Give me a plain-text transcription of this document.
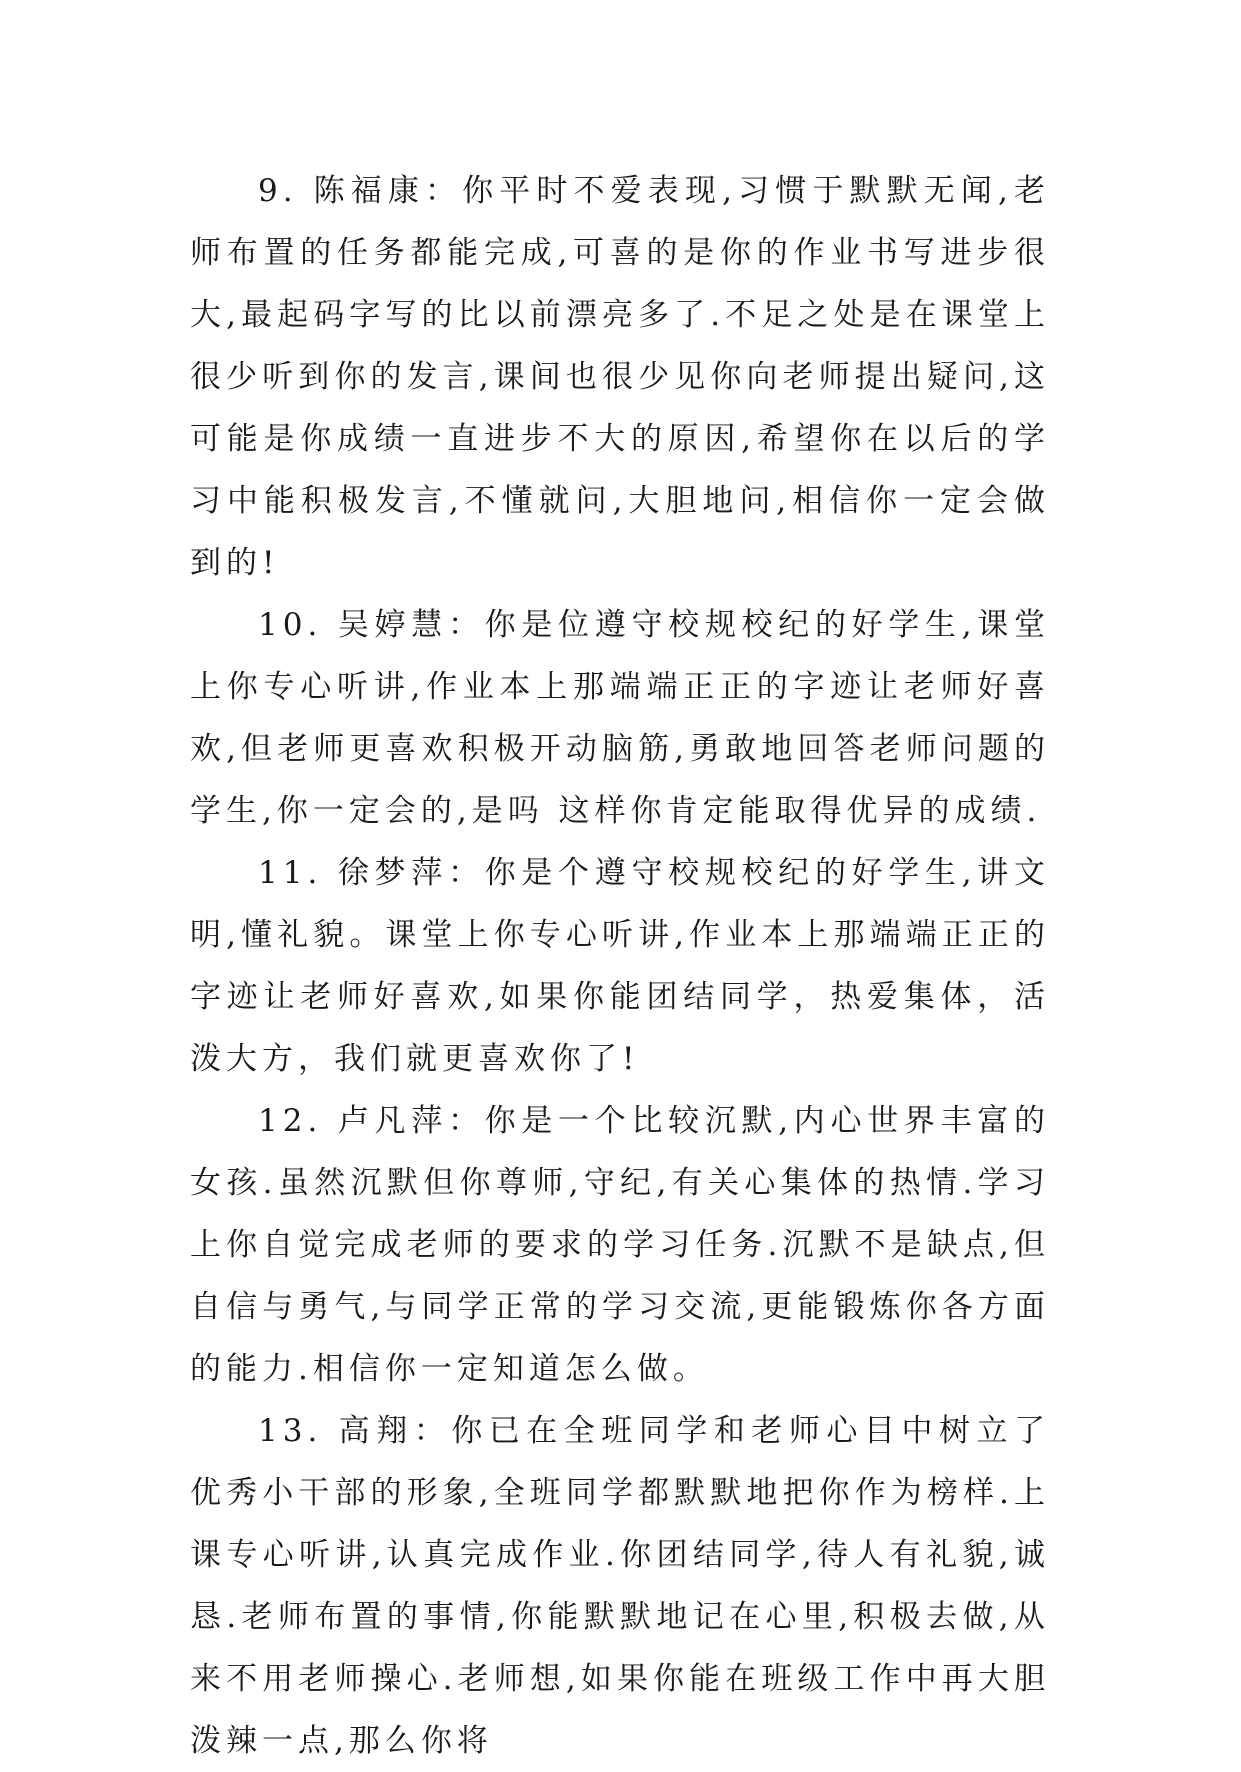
9. 陈福康：你平时不爱表现,习惯于默默无闻,老师布置的任务都能完成,可喜的是你的作业书写进步很大,最起码字写的比以前漂亮多了.不足之处是在课堂上很少听到你的发言,课间也很少见你向老师提出疑问,这可能是你成绩一直进步不大的原因,希望你在以后的学习中能积极发言,不懂就问,大胆地问,相信你一定会做到的!

10. 吴婷慧：你是位遵守校规校纪的好学生,课堂上你专心听讲,作业本上那端端正正的字迹让老师好喜欢,但老师更喜欢积极开动脑筋,勇敢地回答老师问题的学生,你一定会的,是吗 这样你肯定能取得优异的成绩.

11. 徐梦萍：你是个遵守校规校纪的好学生,讲文明,懂礼貌。课堂上你专心听讲,作业本上那端端正正的字迹让老师好喜欢,如果你能团结同学，热爱集体，活泼大方，我们就更喜欢你了!

12. 卢凡萍：你是一个比较沉默,内心世界丰富的女孩.虽然沉默但你尊师,守纪,有关心集体的热情.学习上你自觉完成老师的要求的学习任务.沉默不是缺点,但自信与勇气,与同学正常的学习交流,更能锻炼你各方面的能力.相信你一定知道怎么做。

13. 高翔：你已在全班同学和老师心目中树立了优秀小干部的形象,全班同学都默默地把你作为榜样.上课专心听讲,认真完成作业.你团结同学,待人有礼貌,诚恳.老师布置的事情,你能默默地记在心里,积极去做,从来不用老师操心.老师想,如果你能在班级工作中再大胆泼辣一点,那么你将
